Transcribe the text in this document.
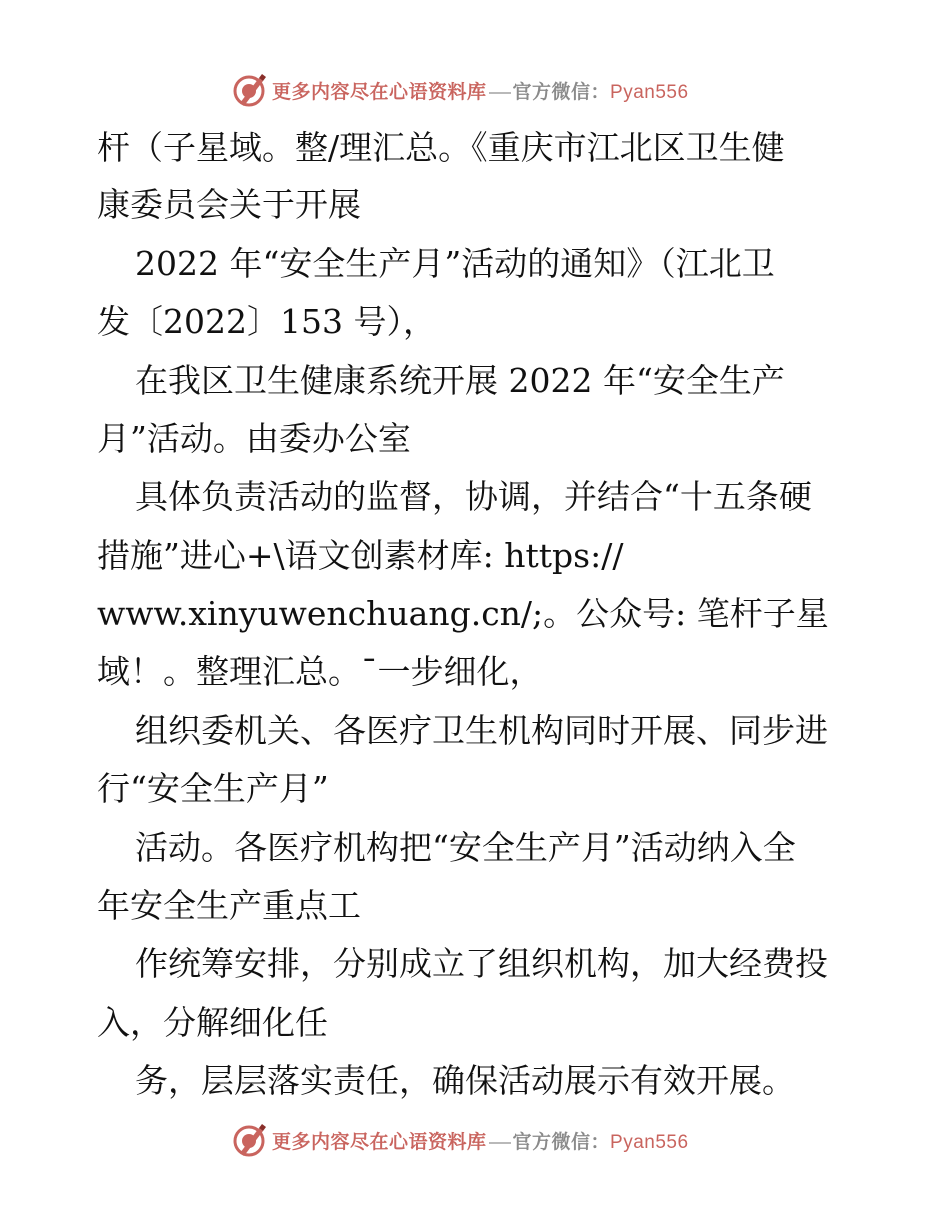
更多内容尽在心语资料库 官方微信：Pyan556
杆（子星域。整/理汇总。《重庆市江北区卫生健
康委员会关于开展
2022 年“安全生产月”活动的通知》（江北卫
发〔2022〕153 号），
在我区卫生健康系统开展 2022 年“安全生产
月”活动。由委办公室
具体负责活动的监督，协调，并结合“十五条硬
措施”进心+\语文创素材库: https://
www.xinyuwenchuang.cn/;。公众号: 笔杆子星
域！。整理汇总。¯一步细化，
组织委机关、各医疗卫生机构同时开展、同步进
行“安全生产月”
活动。各医疗机构把“安全生产月”活动纳入全
年安全生产重点工
作统筹安排，分别成立了组织机构，加大经费投
入，分解细化任
务，层层落实责任，确保活动展示有效开展。
更多内容尽在心语资料库 官方微信：Pyan556
